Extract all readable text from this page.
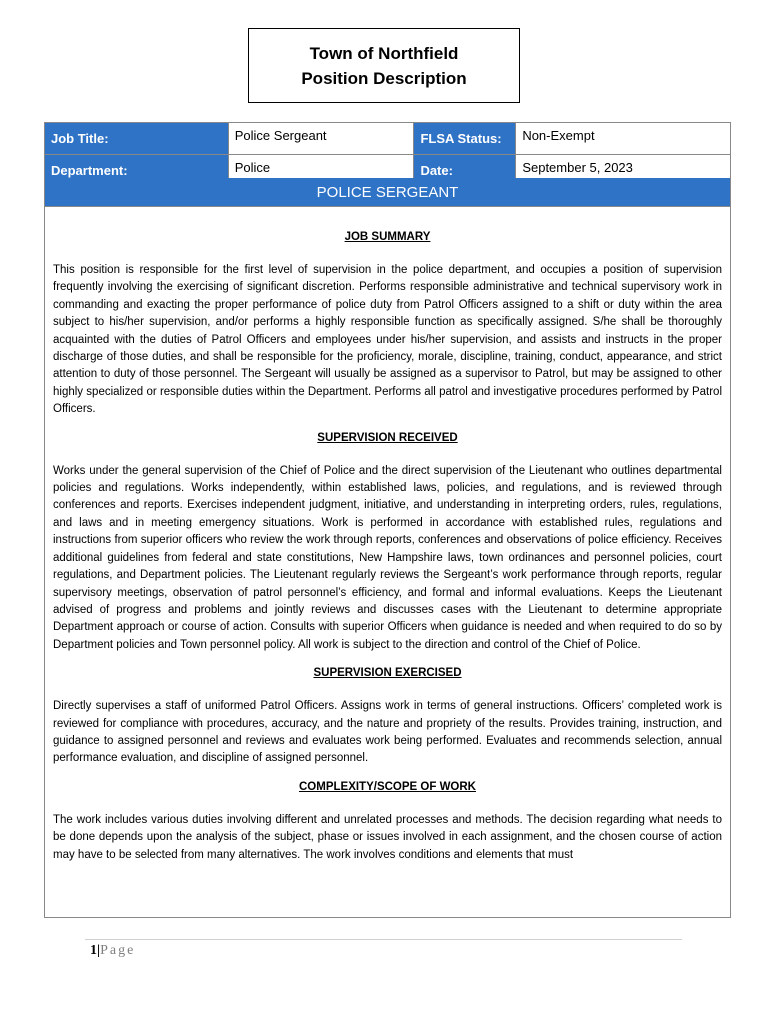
Town of Northfield
Position Description
Job Title:	Police Sergeant	FLSA Status:	Non-Exempt
Department:	Police	Date:	September 5, 2023
POLICE SERGEANT

JOB SUMMARY

This position is responsible for the first level of supervision in the police department, and occupies a position of supervision frequently involving the exercising of significant discretion. Performs responsible administrative and technical supervisory work in commanding and exacting the proper performance of police duty from Patrol Officers assigned to a shift or duty within the area subject to his/her supervision, and/or performs a highly responsible function as specifically assigned. S/he shall be thoroughly acquainted with the duties of Patrol Officers and employees under his/her supervision, and assists and instructs in the proper discharge of those duties, and shall be responsible for the proficiency, morale, discipline, training, conduct, appearance, and strict attention to duty of those personnel. The Sergeant will usually be assigned as a supervisor to Patrol, but may be assigned to other highly specialized or responsible duties within the Department. Performs all patrol and investigative procedures performed by Patrol Officers.

SUPERVISION RECEIVED

Works under the general supervision of the Chief of Police and the direct supervision of the Lieutenant who outlines departmental policies and regulations. Works independently, within established laws, policies, and regulations, and is reviewed through conferences and reports. Exercises independent judgment, initiative, and understanding in interpreting orders, rules, regulations, and laws and in meeting emergency situations. Work is performed in accordance with established rules, regulations and instructions from superior officers who review the work through reports, conferences and observations of police efficiency. Receives additional guidelines from federal and state constitutions, New Hampshire laws, town ordinances and personnel policies, court regulations, and Department policies. The Lieutenant regularly reviews the Sergeant’s work performance through reports, regular supervisory meetings, observation of patrol personnel’s efficiency, and formal and informal evaluations. Keeps the Lieutenant advised of progress and problems and jointly reviews and discusses cases with the Lieutenant to determine appropriate Department approach or course of action. Consults with superior Officers when guidance is needed and when required to do so by Department policies and Town personnel policy. All work is subject to the direction and control of the Chief of Police.

SUPERVISION EXERCISED

Directly supervises a staff of uniformed Patrol Officers. Assigns work in terms of general instructions. Officers’ completed work is reviewed for compliance with procedures, accuracy, and the nature and propriety of the results. Provides training, instruction, and guidance to assigned personnel and reviews and evaluates work being performed. Evaluates and recommends selection, annual performance evaluation, and discipline of assigned personnel.

COMPLEXITY/SCOPE OF WORK

The work includes various duties involving different and unrelated processes and methods. The decision regarding what needs to be done depends upon the analysis of the subject, phase or issues involved in each assignment, and the chosen course of action may have to be selected from many alternatives. The work involves conditions and elements that must

1|Page
